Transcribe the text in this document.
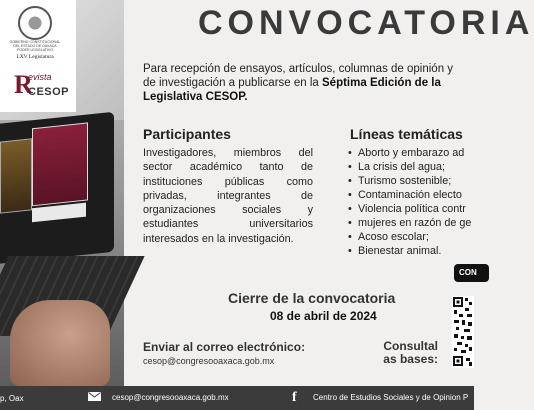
GOBIERNO CONSTITUCIONAL
DEL ESTADO DE OAXACA
PODER LEGISLATIVO
LXV Legislatura
R
evista
CESOP
CONVOCATORIA
Para recepción de ensayos, artículos, columnas de opinión y
de investigación a publicarse en la Séptima Edición de la
Legislativa CESOP.
Participantes
Investigadores, miembros del sector académico tanto de instituciones públicas como privadas, integrantes de organizaciones sociales y estudiantes universitarios interesados en la investigación.
Líneas temáticas
• Aborto y embarazo ad
• La crisis del agua;
• Turismo sostenible;
• Contaminación electo
• Violencia política contr
• mujeres en razón de ge
• Acoso escolar;
• Bienestar animal.
CON
Cierre de la convocatoria
08 de abril de 2024
Enviar al correo electrónico:
cesop@congresooaxaca.gob.mx
Consultal
as bases:
p, Oax	cesop@congresooaxaca.gob.mx	f Centro de Estudios Sociales y de Opinion P
